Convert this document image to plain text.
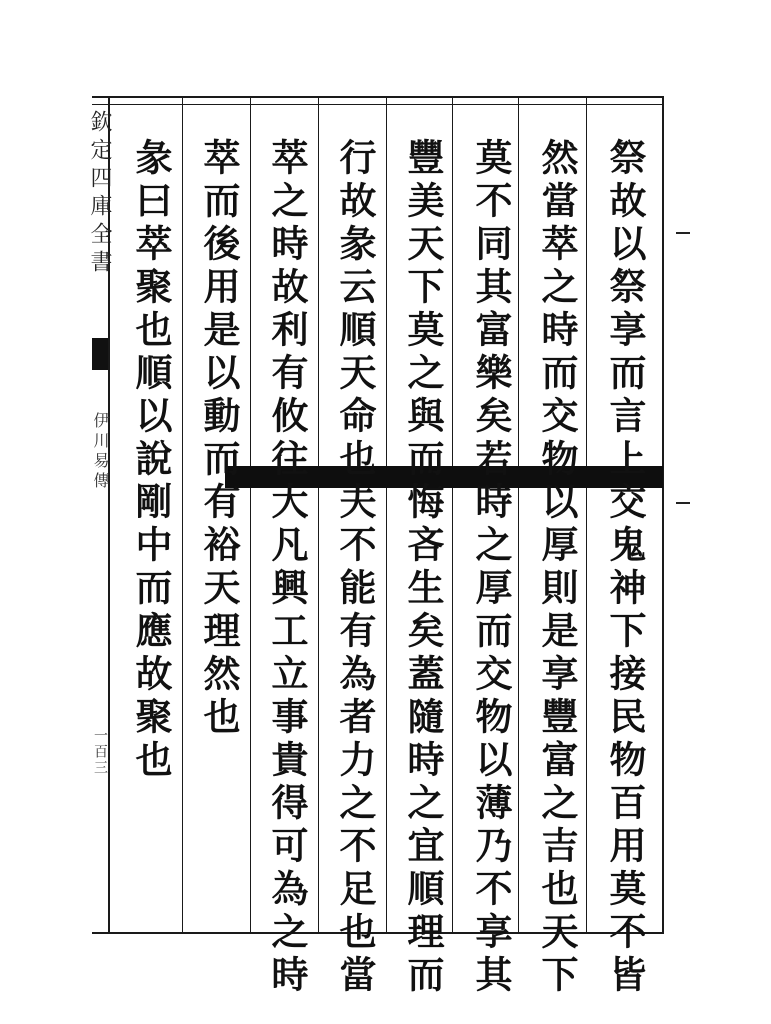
欽定四庫全書
伊川易傳
一百三	祭故以祭享而言上交鬼神下接民物百用莫不皆
然當萃之時而交物以厚則是享豐富之吉也天下
莫不同其富樂矣若時之厚而交物以薄乃不享其
豐美天下莫之與而悔吝生矣蓋隨時之宜順理而
行故彖云順天命也夫不能有為者力之不足也當
萃之時故利有攸往大凡興工立事貴得可為之時
萃而後用是以動而有裕天理然也
彖曰萃聚也順以說剛中而應故聚也
